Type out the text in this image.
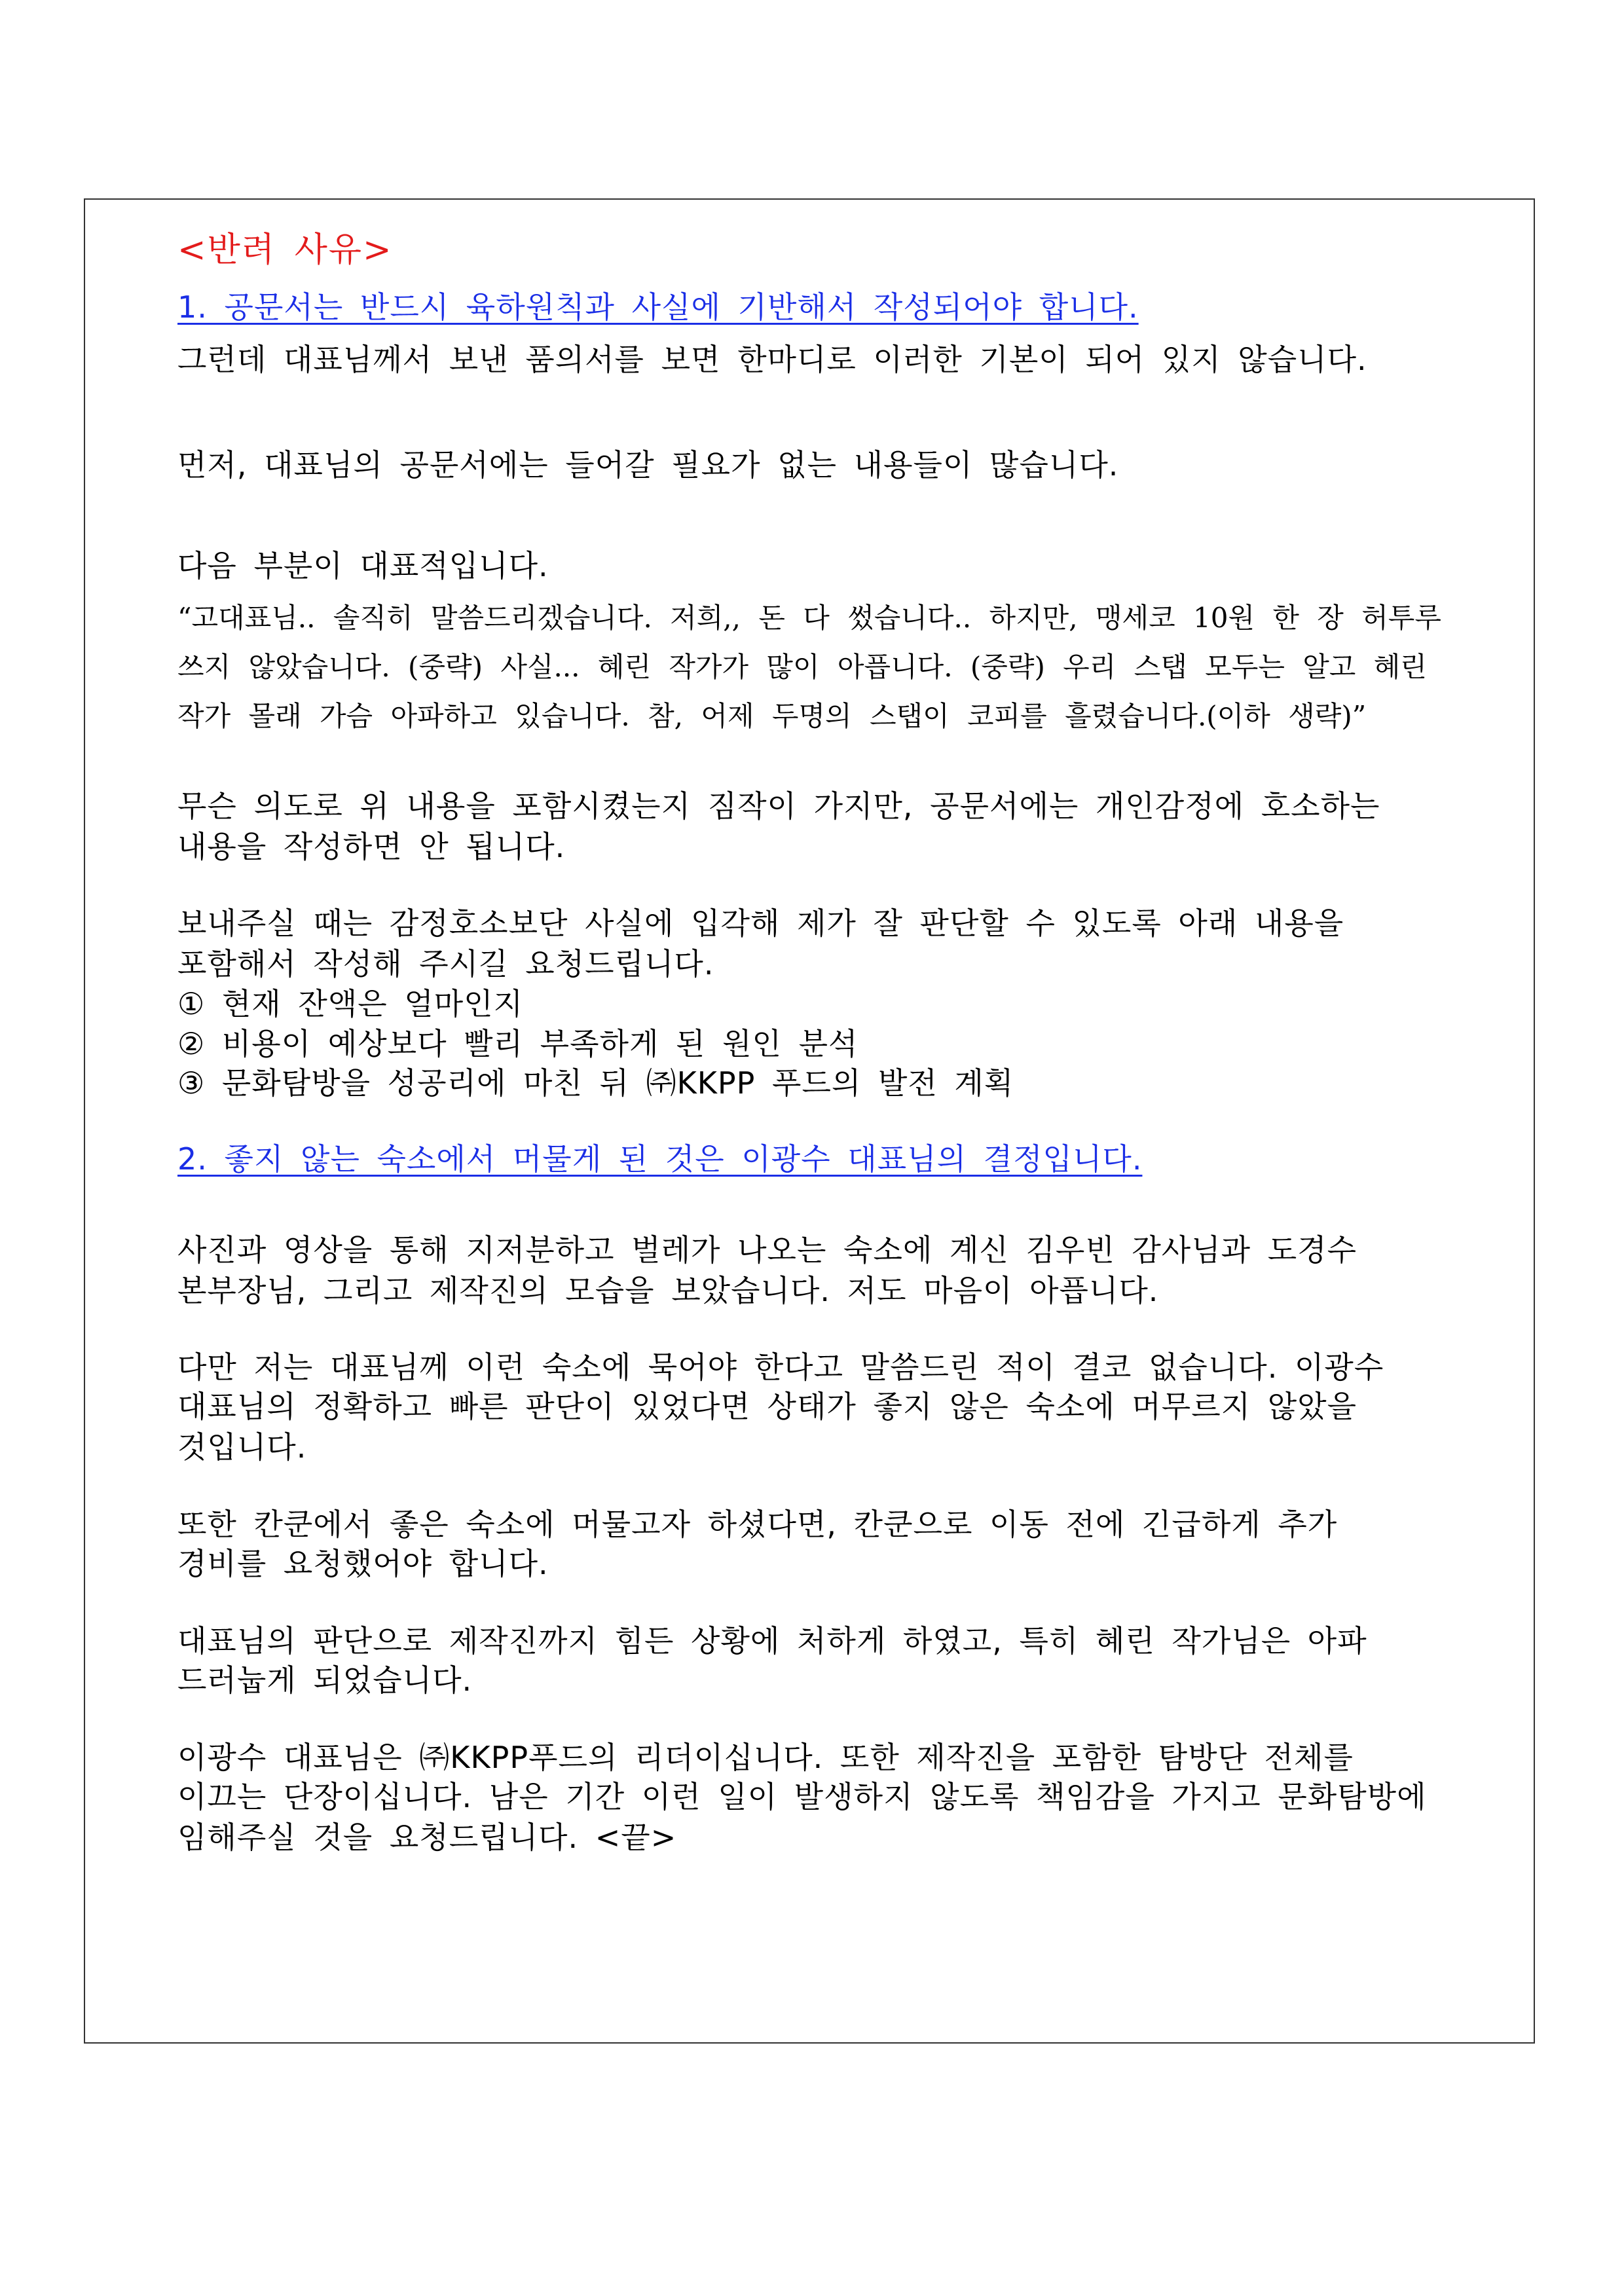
<반려 사유>

1. 공문서는 반드시 육하원칙과 사실에 기반해서 작성되어야 합니다.

그런데 대표님께서 보낸 품의서를 보면 한마디로 이러한 기본이 되어 있지 않습니다.

먼저, 대표님의 공문서에는 들어갈 필요가 없는 내용들이 많습니다.

다음 부분이 대표적입니다.

“고대표님.. 솔직히 말씀드리겠습니다. 저희,, 돈 다 썼습니다.. 하지만, 맹세코 10원 한 장 허투루

쓰지 않았습니다. (중략) 사실... 혜린 작가가 많이 아픕니다. (중략) 우리 스탭 모두는 알고 혜린

작가 몰래 가슴 아파하고 있습니다. 참, 어제 두명의 스탭이 코피를 흘렸습니다.(이하 생략)”

무슨 의도로 위 내용을 포함시켰는지 짐작이 가지만, 공문서에는 개인감정에 호소하는

내용을 작성하면 안 됩니다.

보내주실 때는 감정호소보단 사실에 입각해 제가 잘 판단할 수 있도록 아래 내용을

포함해서 작성해 주시길 요청드립니다.

① 현재 잔액은 얼마인지

② 비용이 예상보다 빨리 부족하게 된 원인 분석

③ 문화탐방을 성공리에 마친 뒤 ㈜KKPP 푸드의 발전 계획

2. 좋지 않는 숙소에서 머물게 된 것은 이광수 대표님의 결정입니다.

사진과 영상을 통해 지저분하고 벌레가 나오는 숙소에 계신 김우빈 감사님과 도경수

본부장님, 그리고 제작진의 모습을 보았습니다. 저도 마음이 아픕니다.

다만 저는 대표님께 이런 숙소에 묵어야 한다고 말씀드린 적이 결코 없습니다. 이광수

대표님의 정확하고 빠른 판단이 있었다면 상태가 좋지 않은 숙소에 머무르지 않았을

것입니다.

또한 칸쿤에서 좋은 숙소에 머물고자 하셨다면, 칸쿤으로 이동 전에 긴급하게 추가

경비를 요청했어야 합니다.

대표님의 판단으로 제작진까지 힘든 상황에 처하게 하였고, 특히 혜린 작가님은 아파

드러눕게 되었습니다.

이광수 대표님은 ㈜KKPP푸드의 리더이십니다. 또한 제작진을 포함한 탐방단 전체를

이끄는 단장이십니다. 남은 기간 이런 일이 발생하지 않도록 책임감을 가지고 문화탐방에

임해주실 것을 요청드립니다. <끝>
